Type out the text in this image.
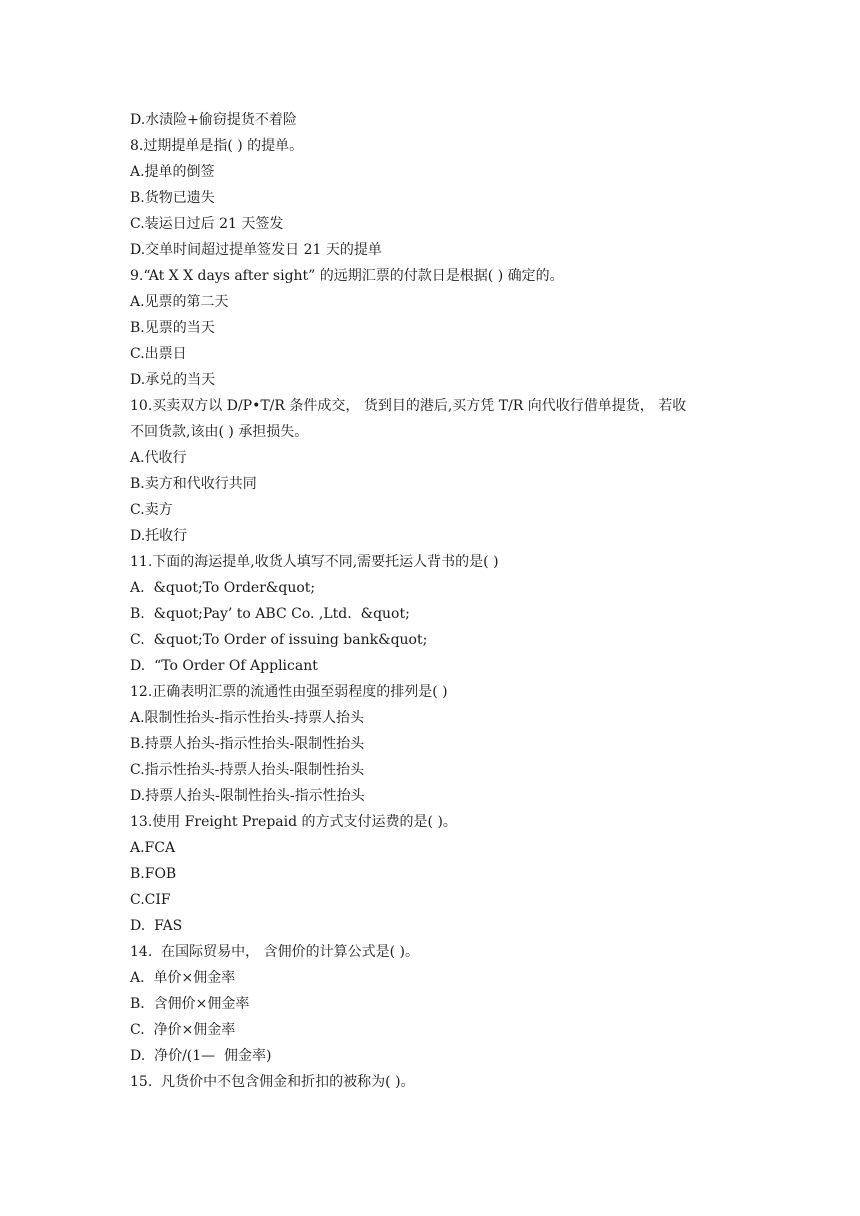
D.水渍险+偷窃提货不着险
8.过期提单是指( ) 的提单。
A.提单的倒签
B.货物已遗失
C.装运日过后 21 天签发
D.交单时间超过提单签发日 21 天的提单
9.“At X X days after sight” 的远期汇票的付款日是根据( ) 确定的。
A.见票的第二天
B.见票的当天
C.出票日
D.承兑的当天
10.买卖双方以 D/P•T/R 条件成交， 货到目的港后,买方凭 T/R 向代收行借单提货， 若收
不回货款,该由( ) 承担损失。
A.代收行
B.卖方和代收行共同
C.卖方
D.托收行
11.下面的海运提单,收货人填写不同,需要托运人背书的是( )
A.  &quot;To Order&quot;
B.  &quot;Pay’ to ABC Co. ,Ltd.  &quot;
C.  &quot;To Order of issuing bank&quot;
D.  “To Order Of Applicant
12.正确表明汇票的流通性由强至弱程度的排列是( )
A.限制性抬头-指示性抬头-持票人抬头
B.持票人抬头-指示性抬头-限制性抬头
C.指示性抬头-持票人抬头-限制性抬头
D.持票人抬头-限制性抬头-指示性抬头
13.使用 Freight Prepaid 的方式支付运费的是( )。
A.FCA
B.FOB
C.CIF
D.  FAS
14.  在国际贸易中， 含佣价的计算公式是( )。
A.  单价×佣金率
B.  含佣价×佣金率
C.  净价×佣金率
D.  净价/(1—  佣金率)
15.  凡货价中不包含佣金和折扣的被称为( )。
